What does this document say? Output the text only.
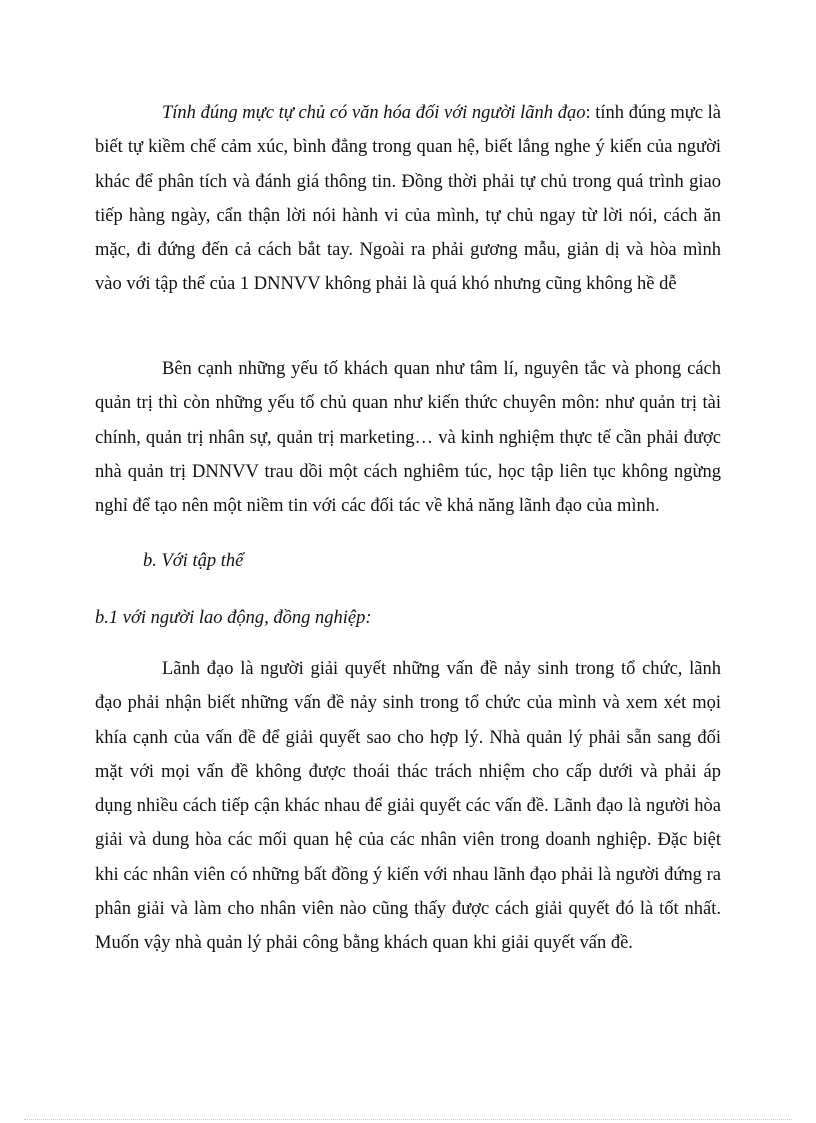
Tính đúng mực tự chủ có văn hóa đối với người lãnh đạo: tính đúng mực là biết tự kiềm chế cảm xúc, bình đẳng trong quan hệ, biết lắng nghe ý kiến của người khác để phân tích và đánh giá thông tin. Đồng thời phải tự chủ trong quá trình giao tiếp hàng ngày, cẩn thận lời nói hành vi của mình, tự chủ ngay từ lời nói, cách ăn mặc, đi đứng đến cả cách bắt tay. Ngoài ra phải gương mẫu, giản dị và hòa mình vào với tập thể của 1 DNNVV không phải là quá khó nhưng cũng không hề dễ

Bên cạnh những yếu tố khách quan như tâm lí, nguyên tắc và phong cách quản trị thì còn những yếu tố chủ quan như kiến thức chuyên môn: như quản trị tài chính, quản trị nhân sự, quản trị marketing… và kinh nghiệm thực tế cần phải được nhà quản trị DNNVV trau dồi một cách nghiêm túc, học tập liên tục không ngừng nghỉ để tạo nên một niềm tin với các đối tác về khả năng lãnh đạo của mình.

b. Với tập thể

b.1 với người lao động, đồng nghiệp:

Lãnh đạo là người giải quyết những vấn đề nảy sinh trong tổ chức, lãnh đạo phải nhận biết những vấn đề nảy sinh trong tổ chức của mình và xem xét mọi khía cạnh của vấn đề để giải quyết sao cho hợp lý. Nhà quản lý phải sẵn sang đối mặt với mọi vấn đề không được thoái thác trách nhiệm cho cấp dưới và phải áp dụng nhiều cách tiếp cận khác nhau để giải quyết các vấn đề. Lãnh đạo là người hòa giải và dung hòa các mối quan hệ của các nhân viên trong doanh nghiệp. Đặc biệt khi các nhân viên có những bất đồng ý kiến với nhau lãnh đạo phải là người đứng ra phân giải và làm cho nhân viên nào cũng thấy được cách giải quyết đó là tốt nhất. Muốn vậy nhà quản lý phải công bằng khách quan khi giải quyết vấn đề.
